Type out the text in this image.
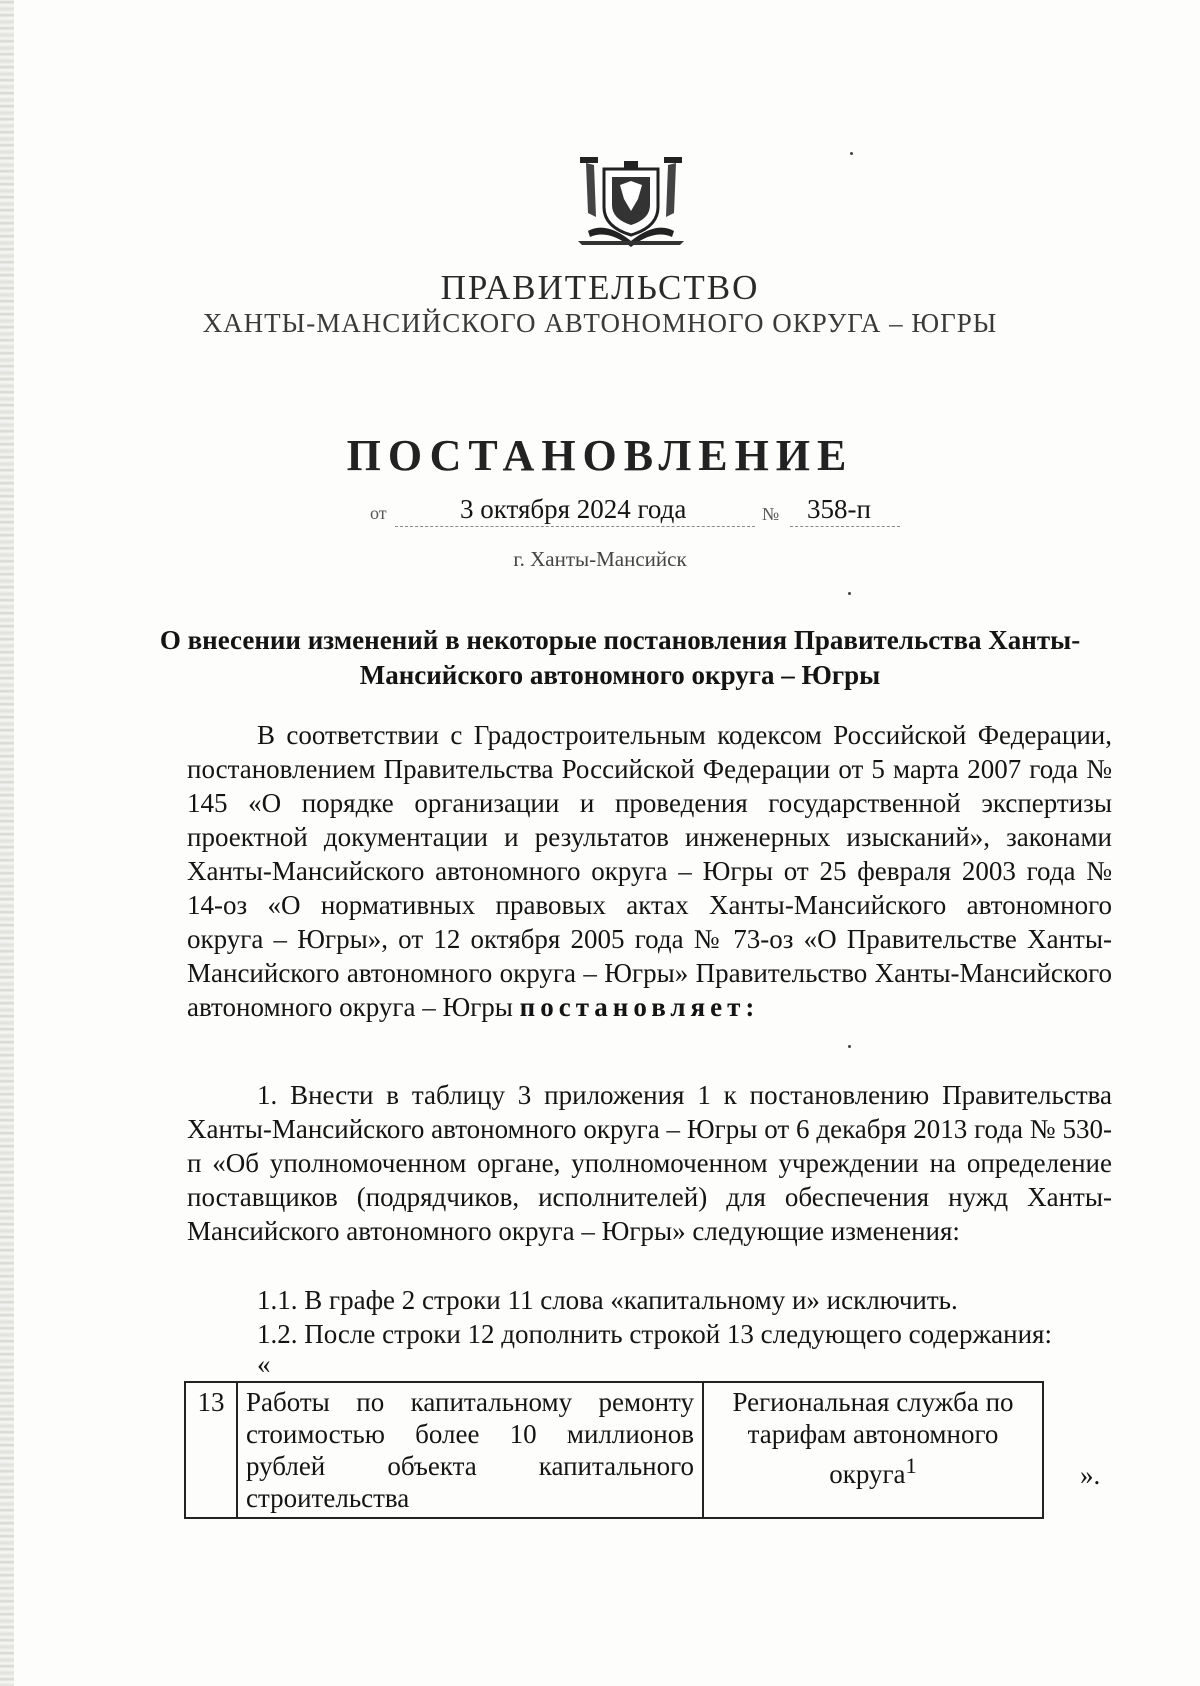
ПРАВИТЕЛЬСТВО
ХАНТЫ-МАНСИЙСКОГО АВТОНОМНОГО ОКРУГА – ЮГРЫ
ПОСТАНОВЛЕНИЕ
от	3 октября 2024 года	№ 358-п
г. Ханты-Мансийск
О внесении изменений в некоторые постановления Правительства Ханты-Мансийского автономного округа – Югры
В соответствии с Градостроительным кодексом Российской Федерации, постановлением Правительства Российской Федерации от 5 марта 2007 года № 145 «О порядке организации и проведения государственной экспертизы проектной документации и результатов инженерных изысканий», законами Ханты-Мансийского автономного округа – Югры от 25 февраля 2003 года № 14-оз «О нормативных правовых актах Ханты-Мансийского автономного округа – Югры», от 12 октября 2005 года № 73-оз «О Правительстве Ханты-Мансийского автономного округа – Югры» Правительство Ханты-Мансийского автономного округа – Югры постановляет:
1. Внести в таблицу 3 приложения 1 к постановлению Правительства Ханты-Мансийского автономного округа – Югры от 6 декабря 2013 года № 530-п «Об уполномоченном органе, уполномоченном учреждении на определение поставщиков (подрядчиков, исполнителей) для обеспечения нужд Ханты-Мансийского автономного округа – Югры» следующие изменения:
1.1. В графе 2 строки 11 слова «капитальному и» исключить.
1.2. После строки 12 дополнить строкой 13 следующего содержания:
«
13	Работы по капитальному ремонту стоимостью более 10 миллионов рублей объекта капитального строительства	Региональная служба по тарифам автономного округа$^1$	».
